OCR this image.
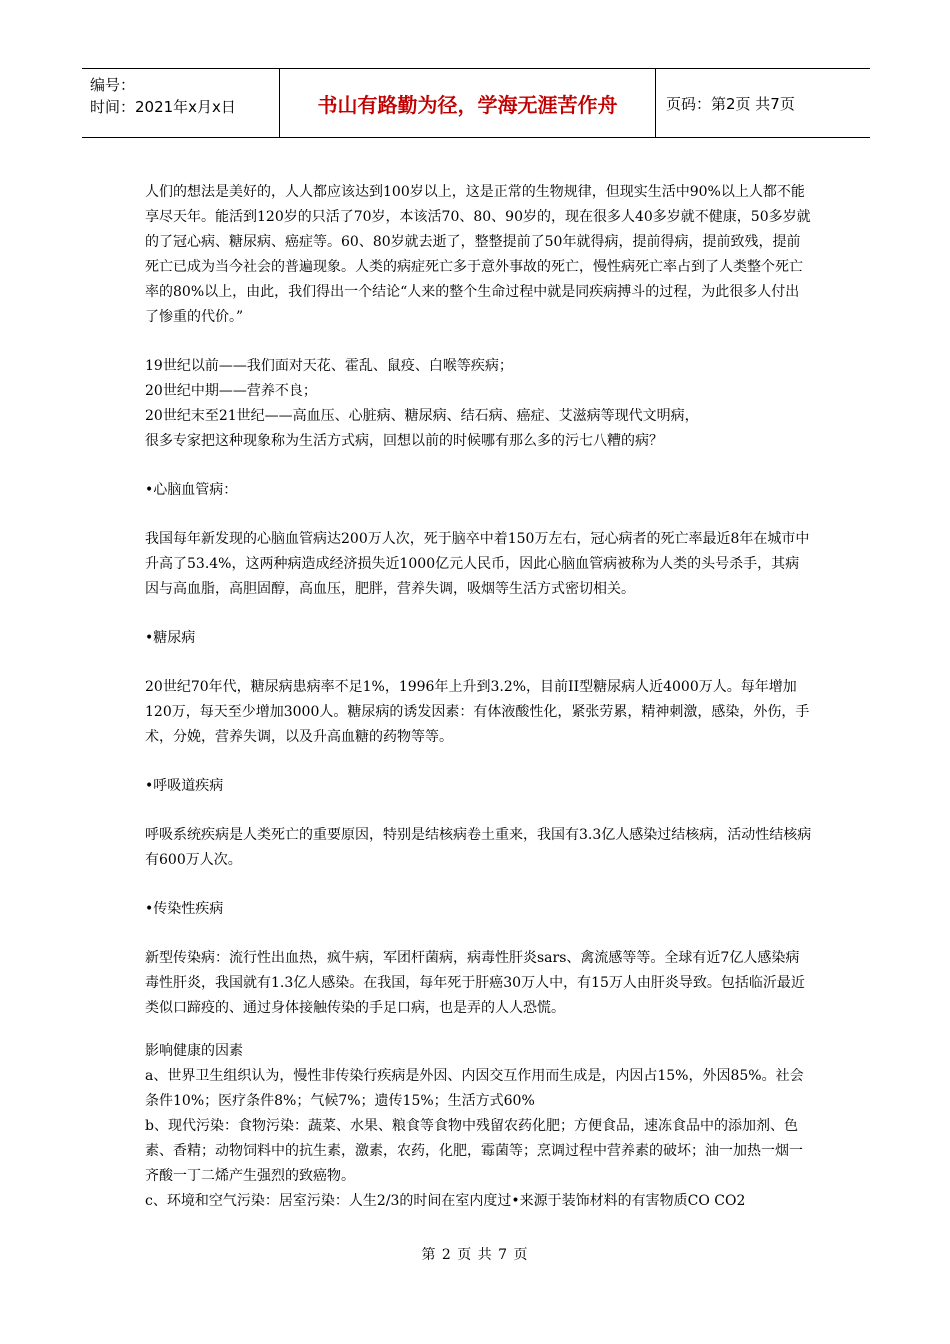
编号：
时间：2021年x月x日	书山有路勤为径，学海无涯苦作舟	页码：第2页 共7页

人们的想法是美好的，人人都应该达到100岁以上，这是正常的生物规律，但现实生活中90%以上人都不能享尽天年。能活到120岁的只活了70岁，本该活70、80、90岁的，现在很多人40多岁就不健康，50多岁就的了冠心病、糖尿病、癌症等。60、80岁就去逝了，整整提前了50年就得病，提前得病，提前致残，提前死亡已成为当今社会的普遍现象。人类的病症死亡多于意外事故的死亡，慢性病死亡率占到了人类整个死亡率的80%以上，由此，我们得出一个结论“人来的整个生命过程中就是同疾病搏斗的过程，为此很多人付出了惨重的代价。”

19世纪以前——我们面对天花、霍乱、鼠疫、白喉等疾病；

20世纪中期——营养不良；

20世纪末至21世纪——高血压、心脏病、糖尿病、结石病、癌症、艾滋病等现代文明病，

很多专家把这种现象称为生活方式病，回想以前的时候哪有那么多的污七八糟的病？

•心脑血管病：

我国每年新发现的心脑血管病达200万人次，死于脑卒中着150万左右，冠心病者的死亡率最近8年在城市中升高了53.4%，这两种病造成经济损失近1000亿元人民币，因此心脑血管病被称为人类的头号杀手，其病因与高血脂，高胆固醇，高血压，肥胖，营养失调，吸烟等生活方式密切相关。

•糖尿病

20世纪70年代，糖尿病患病率不足1%，1996年上升到3.2%，目前II型糖尿病人近4000万人。每年增加120万，每天至少增加3000人。糖尿病的诱发因素：有体液酸性化，紧张劳累，精神刺激，感染，外伤，手术，分娩，营养失调，以及升高血糖的药物等等。

•呼吸道疾病

呼吸系统疾病是人类死亡的重要原因，特别是结核病卷土重来，我国有3.3亿人感染过结核病，活动性结核病有600万人次。

•传染性疾病

新型传染病：流行性出血热，疯牛病，军团杆菌病，病毒性肝炎sars、禽流感等等。全球有近7亿人感染病毒性肝炎，我国就有1.3亿人感染。在我国，每年死于肝癌30万人中，有15万人由肝炎导致。包括临沂最近类似口蹄疫的、通过身体接触传染的手足口病，也是弄的人人恐慌。

影响健康的因素

a、世界卫生组织认为，慢性非传染行疾病是外因、内因交互作用而生成是，内因占15%，外因85%。社会条件10%；医疗条件8%；气候7%；遗传15%；生活方式60%

b、现代污染：食物污染：蔬菜、水果、粮食等食物中残留农药化肥；方便食品，速冻食品中的添加剂、色素、香精；动物饲料中的抗生素，激素，农药，化肥，霉菌等；烹调过程中营养素的破坏；油一加热一烟一齐酸一丁二烯产生强烈的致癌物。

c、环境和空气污染：居室污染：人生2/3的时间在室内度过•来源于装饰材料的有害物质CO CO2

第 2 页 共 7 页
